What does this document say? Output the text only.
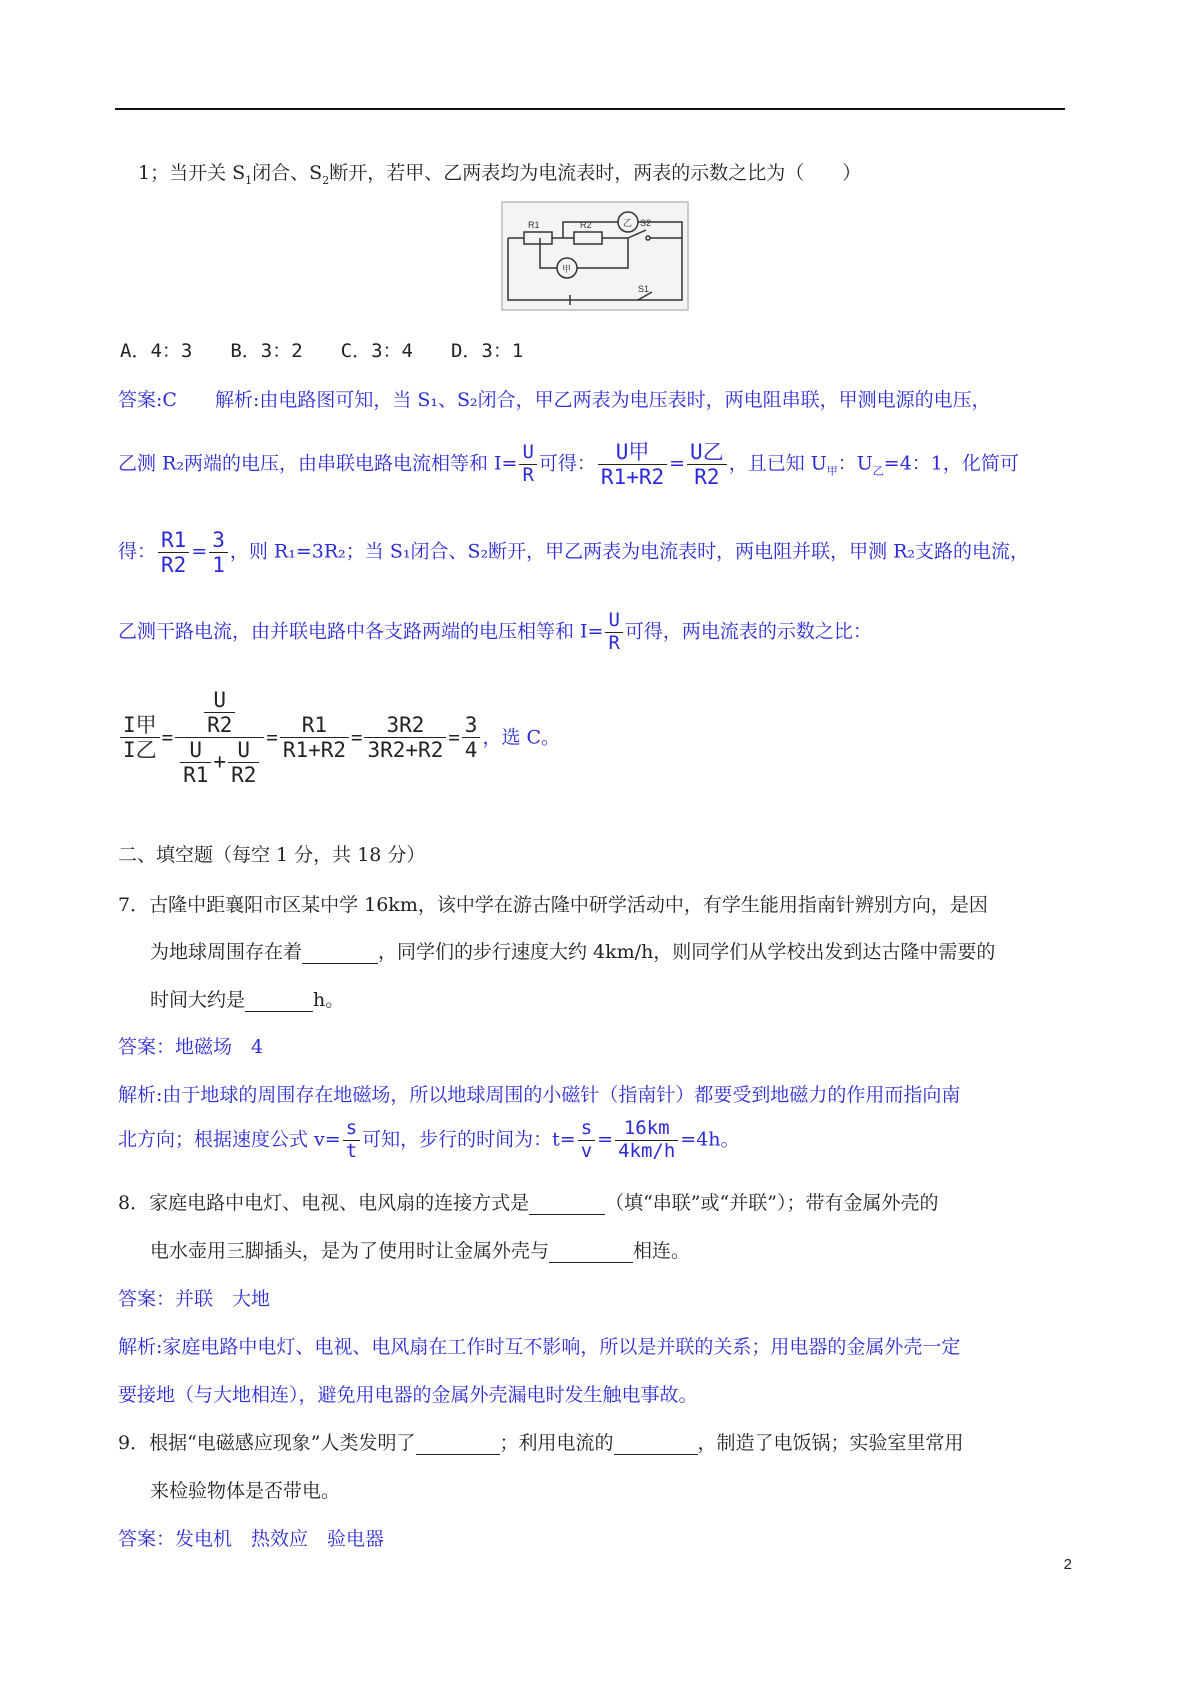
1；当开关 $S_1$闭合、$S_2$断开，若甲、乙两表均为电流表时，两表的示数之比为（　　）
R1	R2	S2
乙
甲
S1
A．4：3　　B．3：2　　C．3：4　　D．3：1
答案:C　　解析:由电路图可知，当 S₁、S₂闭合，甲乙两表为电压表时，两电阻串联，甲测电源的电压，
乙测 R₂两端的电压，由串联电路电流相等和 $I= \frac{U}{R}$ 可得： $\frac{\text{U甲}}{R1+R2} = \frac{\text{U乙}}{R2}$ ，且已知 $U_甲$：$U_乙=4$：1，化简可
得： $\frac{R1}{R2} = \frac{3}{1}$ ，则 R₁=3R₂；当 S₁闭合、S₂断开，甲乙两表为电流表时，两电阻并联，甲测 R₂支路的电流，
乙测干路电流，由并联电路中各支路两端的电压相等和 $I= \frac{U}{R}$ 可得，两电流表的示数之比：
$\frac{\text{I甲}}{\text{I乙}} = \frac{\frac{U}{R2}}{\frac{U}{R1} + \frac{U}{R2}} = \frac{R1}{R1+R2} = \frac{3R2}{3R2+R2} = \frac{3}{4}$ ，选 C。
二、填空题（每空 1 分，共 18 分）
7．古隆中距襄阳市区某中学 16km，该中学在游古隆中研学活动中，有学生能用指南针辨别方向，是因
为地球周围存在着	，同学们的步行速度大约 4km/h，则同学们从学校出发到达古隆中需要的
时间大约是	h。
答案：地磁场　4
解析:由于地球的周围存在地磁场，所以地球周围的小磁针（指南针）都要受到地磁力的作用而指向南
北方向；根据速度公式 $v= \frac{s}{t}$ 可知，步行的时间为：$t= \frac{s}{v} = \frac{16km}{4km/h} =4h$。
8．家庭电路中电灯、电视、电风扇的连接方式是	（填“串联”或“并联”）；带有金属外壳的
电水壶用三脚插头，是为了使用时让金属外壳与	相连。
答案：并联　大地
解析:家庭电路中电灯、电视、电风扇在工作时互不影响，所以是并联的关系；用电器的金属外壳一定
要接地（与大地相连），避免用电器的金属外壳漏电时发生触电事故。
9．根据“电磁感应现象”人类发明了	；利用电流的	，制造了电饭锅；实验室里常用
来检验物体是否带电。
答案：发电机　热效应　验电器
2
